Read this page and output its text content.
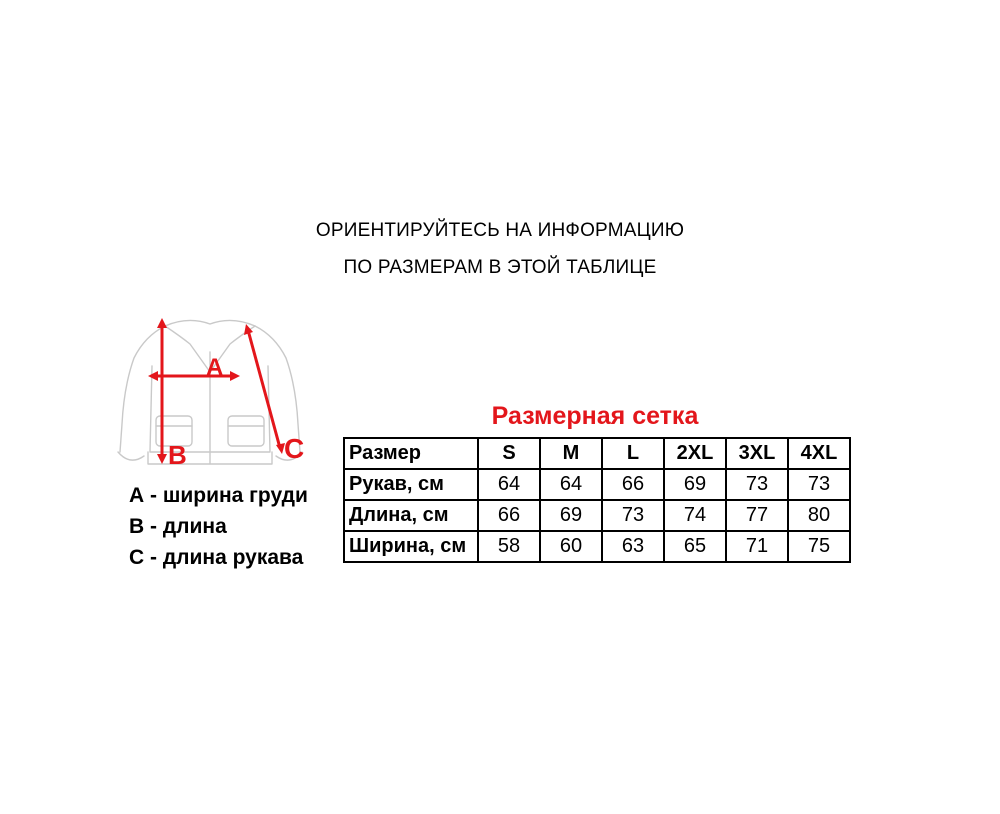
ОРИЕНТИРУЙТЕСЬ НА ИНФОРМАЦИЮ
ПО РАЗМЕРАМ В ЭТОЙ ТАБЛИЦЕ
A
B	C
А - ширина груди
В - длина
С - длина рукава
Размерная сетка
Размер	S	M	L	2XL	3XL	4XL
Рукав, см	64	64	66	69	73	73
Длина, см	66	69	73	74	77	80
Ширина, см	58	60	63	65	71	75
